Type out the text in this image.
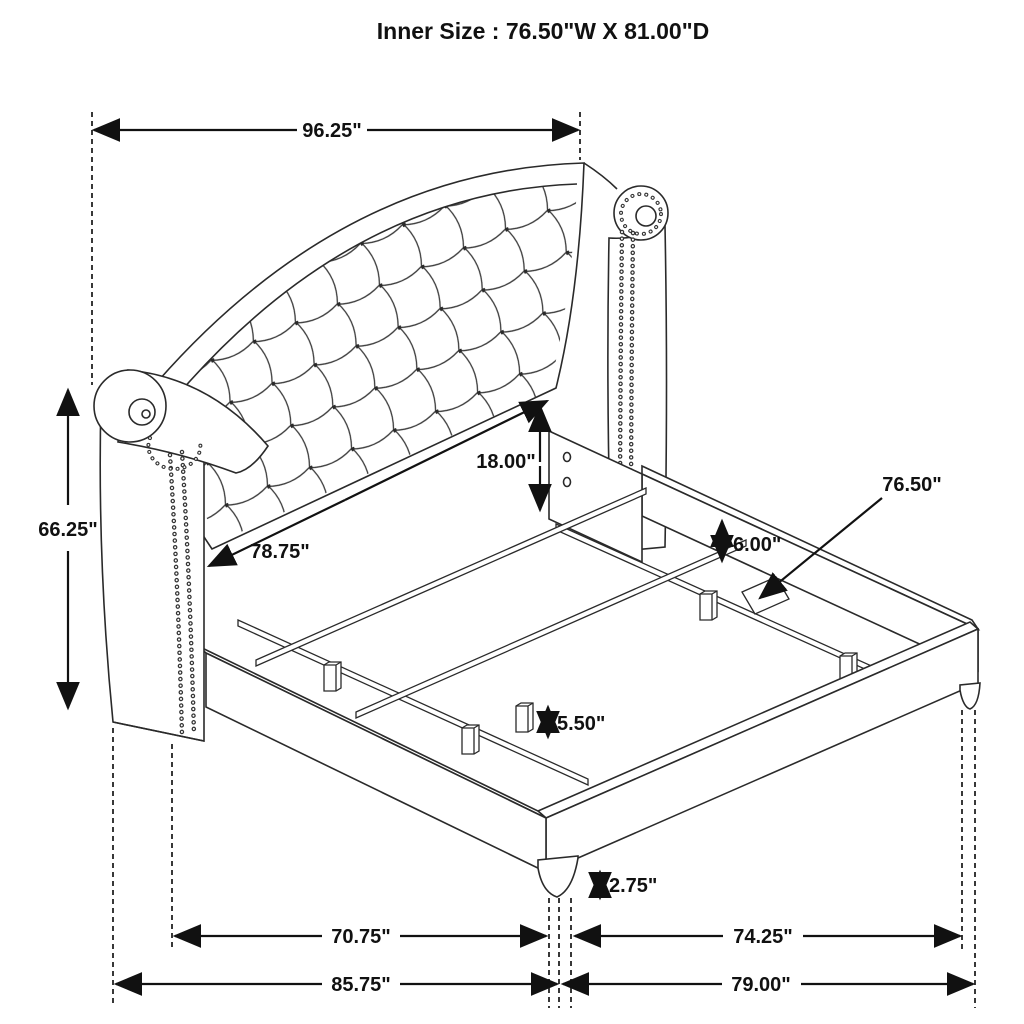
Inner Size : 76.50"W X 81.00"D
96.25"
66.25"
18.00"
6.00"
76.50"
78.75"
5.50"
2.75"
70.75"	74.25"
85.75"	79.00"
